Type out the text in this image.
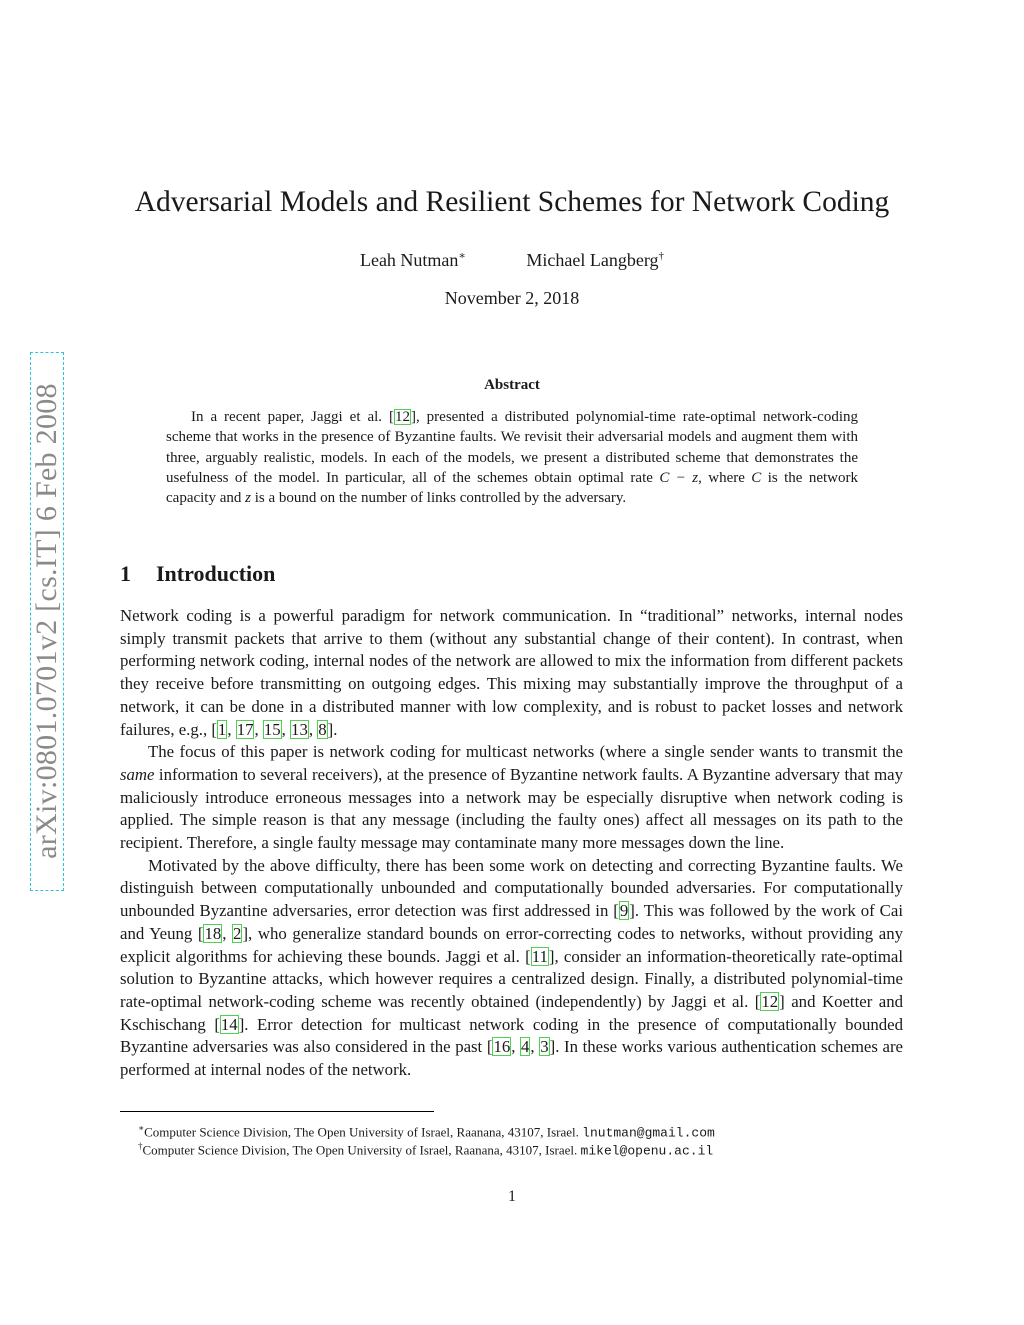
arXiv:0801.0701v2 [cs.IT] 6 Feb 2008
Adversarial Models and Resilient Schemes for Network Coding
Leah Nutman∗	Michael Langberg†
November 2, 2018
Abstract

In a recent paper, Jaggi et al. [12], presented a distributed polynomial-time rate-optimal network-coding scheme that works in the presence of Byzantine faults. We revisit their adversarial models and augment them with three, arguably realistic, models. In each of the models, we present a distributed scheme that demonstrates the usefulness of the model. In particular, all of the schemes obtain optimal rate C − z, where C is the network capacity and z is a bound on the number of links controlled by the adversary.

1 Introduction

Network coding is a powerful paradigm for network communication. In “traditional” networks, internal nodes simply transmit packets that arrive to them (without any substantial change of their content). In contrast, when performing network coding, internal nodes of the network are allowed to mix the information from different packets they receive before transmitting on outgoing edges. This mixing may substantially improve the throughput of a network, it can be done in a distributed manner with low complexity, and is robust to packet losses and network failures, e.g., [1, 17, 15, 13, 8].

The focus of this paper is network coding for multicast networks (where a single sender wants to transmit the same information to several receivers), at the presence of Byzantine network faults. A Byzantine adversary that may maliciously introduce erroneous messages into a network may be especially disruptive when network coding is applied. The simple reason is that any message (including the faulty ones) affect all messages on its path to the recipient. Therefore, a single faulty message may contaminate many more messages down the line.

Motivated by the above difficulty, there has been some work on detecting and correcting Byzantine faults. We distinguish between computationally unbounded and computationally bounded adversaries. For computationally unbounded Byzantine adversaries, error detection was first addressed in [9]. This was followed by the work of Cai and Yeung [18, 2], who generalize standard bounds on error-correcting codes to networks, without providing any explicit algorithms for achieving these bounds. Jaggi et al. [11], consider an information-theoretically rate-optimal solution to Byzantine attacks, which however requires a centralized design. Finally, a distributed polynomial-time rate-optimal network-coding scheme was recently obtained (independently) by Jaggi et al. [12] and Koetter and Kschischang [14]. Error detection for multicast network coding in the presence of computationally bounded Byzantine adversaries was also considered in the past [16, 4, 3]. In these works various authentication schemes are performed at internal nodes of the network.

∗Computer Science Division, The Open University of Israel, Raanana, 43107, Israel. lnutman@gmail.com
†Computer Science Division, The Open University of Israel, Raanana, 43107, Israel. mikel@openu.ac.il
1
